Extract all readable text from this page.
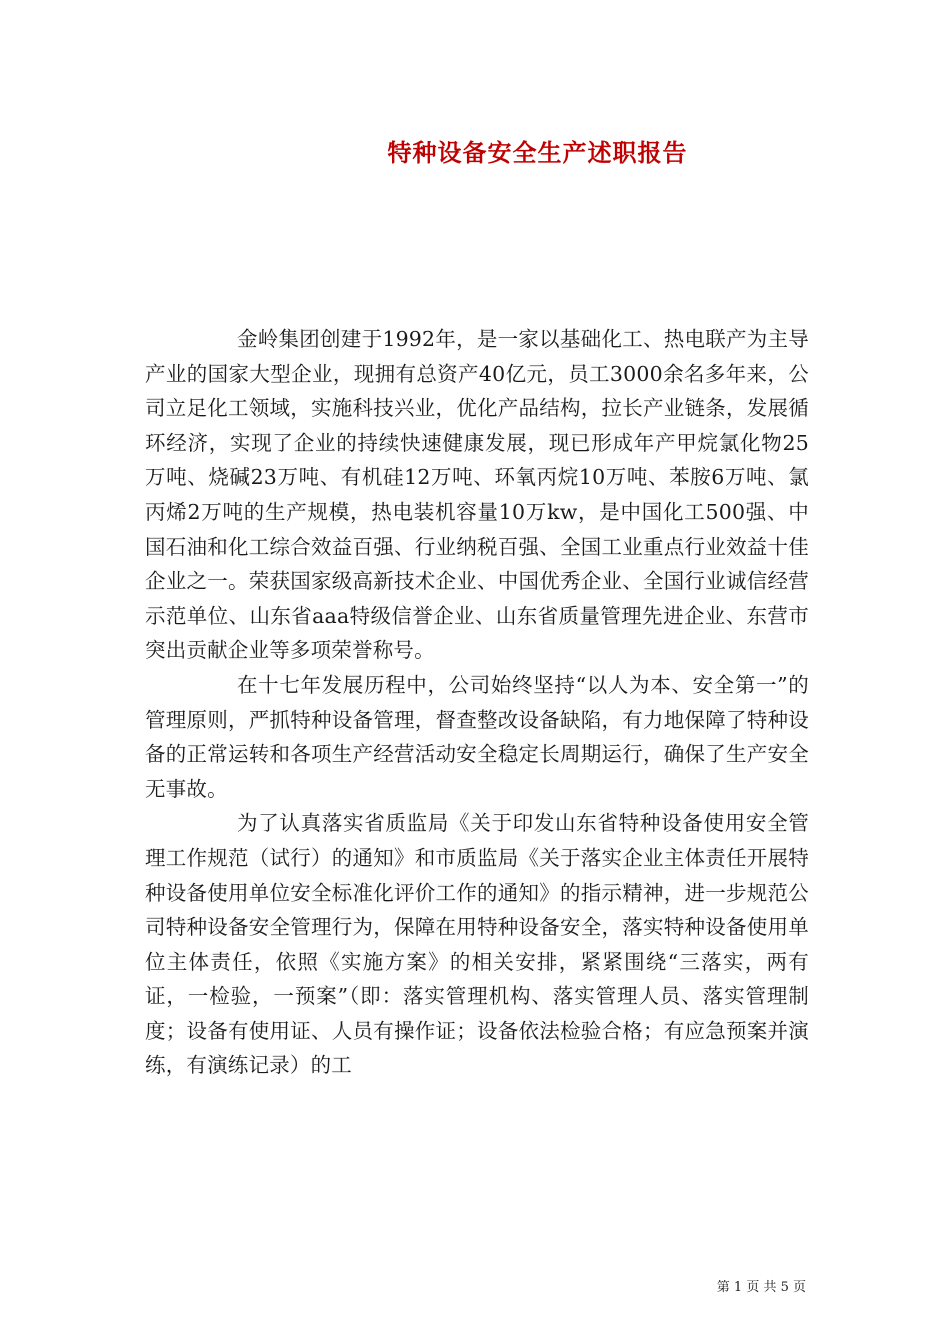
特种设备安全生产述职报告

金岭集团创建于1992年，是一家以基础化工、热电联产为主导产业的国家大型企业，现拥有总资产40亿元，员工3000余名多年来，公司立足化工领域，实施科技兴业，优化产品结构，拉长产业链条，发展循环经济，实现了企业的持续快速健康发展，现已形成年产甲烷氯化物25万吨、烧碱23万吨、有机硅12万吨、环氧丙烷10万吨、苯胺6万吨、氯丙烯2万吨的生产规模，热电装机容量10万kw，是中国化工500强、中国石油和化工综合效益百强、行业纳税百强、全国工业重点行业效益十佳企业之一。荣获国家级高新技术企业、中国优秀企业、全国行业诚信经营示范单位、山东省aaa特级信誉企业、山东省质量管理先进企业、东营市突出贡献企业等多项荣誉称号。

在十七年发展历程中，公司始终坚持“以人为本、安全第一”的管理原则，严抓特种设备管理，督查整改设备缺陷，有力地保障了特种设备的正常运转和各项生产经营活动安全稳定长周期运行，确保了生产安全无事故。

为了认真落实省质监局《关于印发山东省特种设备使用安全管理工作规范（试行）的通知》和市质监局《关于落实企业主体责任开展特种设备使用单位安全标准化评价工作的通知》的指示精神，进一步规范公司特种设备安全管理行为，保障在用特种设备安全，落实特种设备使用单位主体责任，依照《实施方案》的相关安排，紧紧围绕“三落实，两有证，一检验，一预案”（即：落实管理机构、落实管理人员、落实管理制度；设备有使用证、人员有操作证；设备依法检验合格；有应急预案并演练，有演练记录）的工

第 1 页 共 5 页
